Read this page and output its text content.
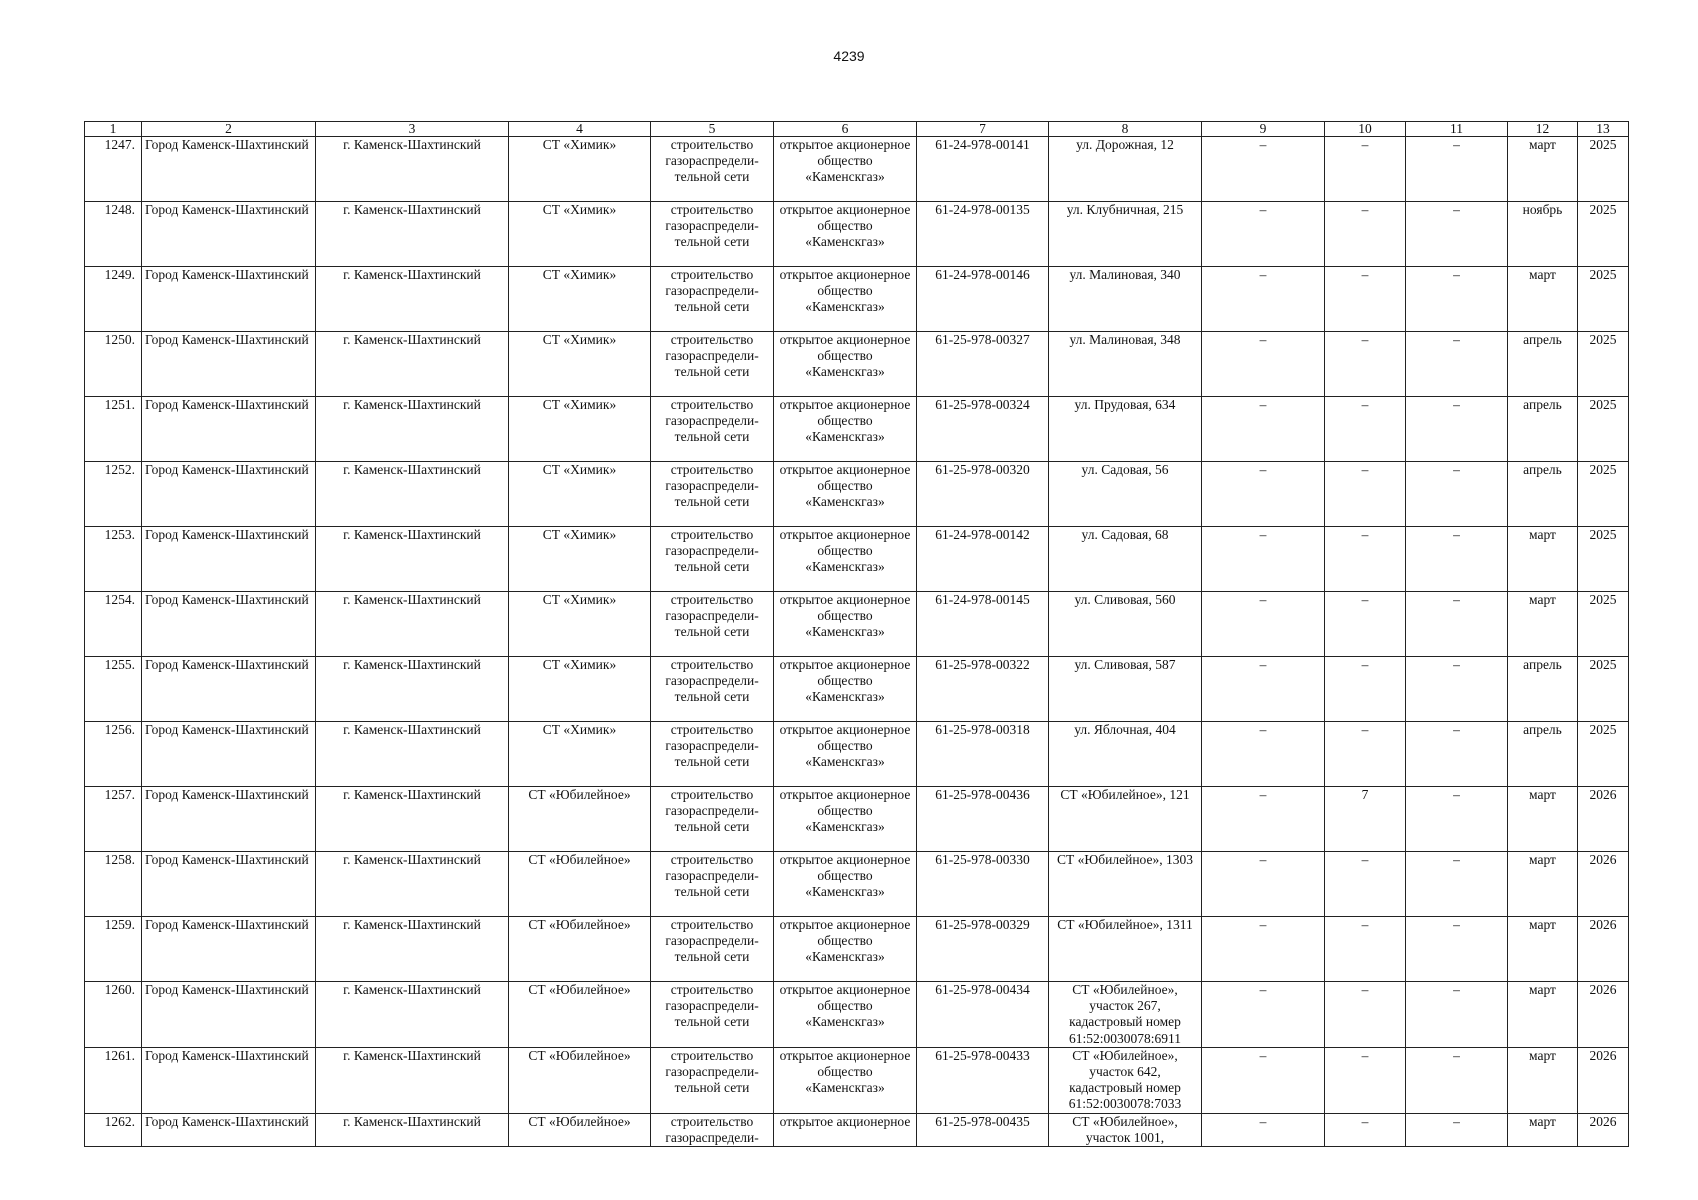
4239
1	2	3	4	5	6	7	8	9	10	11	12	13
1247.	Город Каменск-Шахтинский	г. Каменск-Шахтинский	СТ «Химик»	строительство газораспредели-тельной сети	открытое акционерное общество «Каменскгаз»	61-24-978-00141	ул. Дорожная, 12	–	–	–	март	2025
1248.	Город Каменск-Шахтинский	г. Каменск-Шахтинский	СТ «Химик»	строительство газораспредели-тельной сети	открытое акционерное общество «Каменскгаз»	61-24-978-00135	ул. Клубничная, 215	–	–	–	ноябрь	2025
1249.	Город Каменск-Шахтинский	г. Каменск-Шахтинский	СТ «Химик»	строительство газораспредели-тельной сети	открытое акционерное общество «Каменскгаз»	61-24-978-00146	ул. Малиновая, 340	–	–	–	март	2025
1250.	Город Каменск-Шахтинский	г. Каменск-Шахтинский	СТ «Химик»	строительство газораспредели-тельной сети	открытое акционерное общество «Каменскгаз»	61-25-978-00327	ул. Малиновая, 348	–	–	–	апрель	2025
1251.	Город Каменск-Шахтинский	г. Каменск-Шахтинский	СТ «Химик»	строительство газораспредели-тельной сети	открытое акционерное общество «Каменскгаз»	61-25-978-00324	ул. Прудовая, 634	–	–	–	апрель	2025
1252.	Город Каменск-Шахтинский	г. Каменск-Шахтинский	СТ «Химик»	строительство газораспредели-тельной сети	открытое акционерное общество «Каменскгаз»	61-25-978-00320	ул. Садовая, 56	–	–	–	апрель	2025
1253.	Город Каменск-Шахтинский	г. Каменск-Шахтинский	СТ «Химик»	строительство газораспредели-тельной сети	открытое акционерное общество «Каменскгаз»	61-24-978-00142	ул. Садовая, 68	–	–	–	март	2025
1254.	Город Каменск-Шахтинский	г. Каменск-Шахтинский	СТ «Химик»	строительство газораспредели-тельной сети	открытое акционерное общество «Каменскгаз»	61-24-978-00145	ул. Сливовая, 560	–	–	–	март	2025
1255.	Город Каменск-Шахтинский	г. Каменск-Шахтинский	СТ «Химик»	строительство газораспредели-тельной сети	открытое акционерное общество «Каменскгаз»	61-25-978-00322	ул. Сливовая, 587	–	–	–	апрель	2025
1256.	Город Каменск-Шахтинский	г. Каменск-Шахтинский	СТ «Химик»	строительство газораспредели-тельной сети	открытое акционерное общество «Каменскгаз»	61-25-978-00318	ул. Яблочная, 404	–	–	–	апрель	2025
1257.	Город Каменск-Шахтинский	г. Каменск-Шахтинский	СТ «Юбилейное»	строительство газораспредели-тельной сети	открытое акционерное общество «Каменскгаз»	61-25-978-00436	СТ «Юбилейное», 121	–	7	–	март	2026
1258.	Город Каменск-Шахтинский	г. Каменск-Шахтинский	СТ «Юбилейное»	строительство газораспредели-тельной сети	открытое акционерное общество «Каменскгаз»	61-25-978-00330	СТ «Юбилейное», 1303	–	–	–	март	2026
1259.	Город Каменск-Шахтинский	г. Каменск-Шахтинский	СТ «Юбилейное»	строительство газораспредели-тельной сети	открытое акционерное общество «Каменскгаз»	61-25-978-00329	СТ «Юбилейное», 1311	–	–	–	март	2026
1260.	Город Каменск-Шахтинский	г. Каменск-Шахтинский	СТ «Юбилейное»	строительство газораспредели-тельной сети	открытое акционерное общество «Каменскгаз»	61-25-978-00434	СТ «Юбилейное», участок 267, кадастровый номер 61:52:0030078:6911	–	–	–	март	2026
1261.	Город Каменск-Шахтинский	г. Каменск-Шахтинский	СТ «Юбилейное»	строительство газораспредели-тельной сети	открытое акционерное общество «Каменскгаз»	61-25-978-00433	СТ «Юбилейное», участок 642, кадастровый номер 61:52:0030078:7033	–	–	–	март	2026
1262.	Город Каменск-Шахтинский	г. Каменск-Шахтинский	СТ «Юбилейное»	строительство газораспредели-	открытое акционерное	61-25-978-00435	СТ «Юбилейное», участок 1001,	–	–	–	март	2026
